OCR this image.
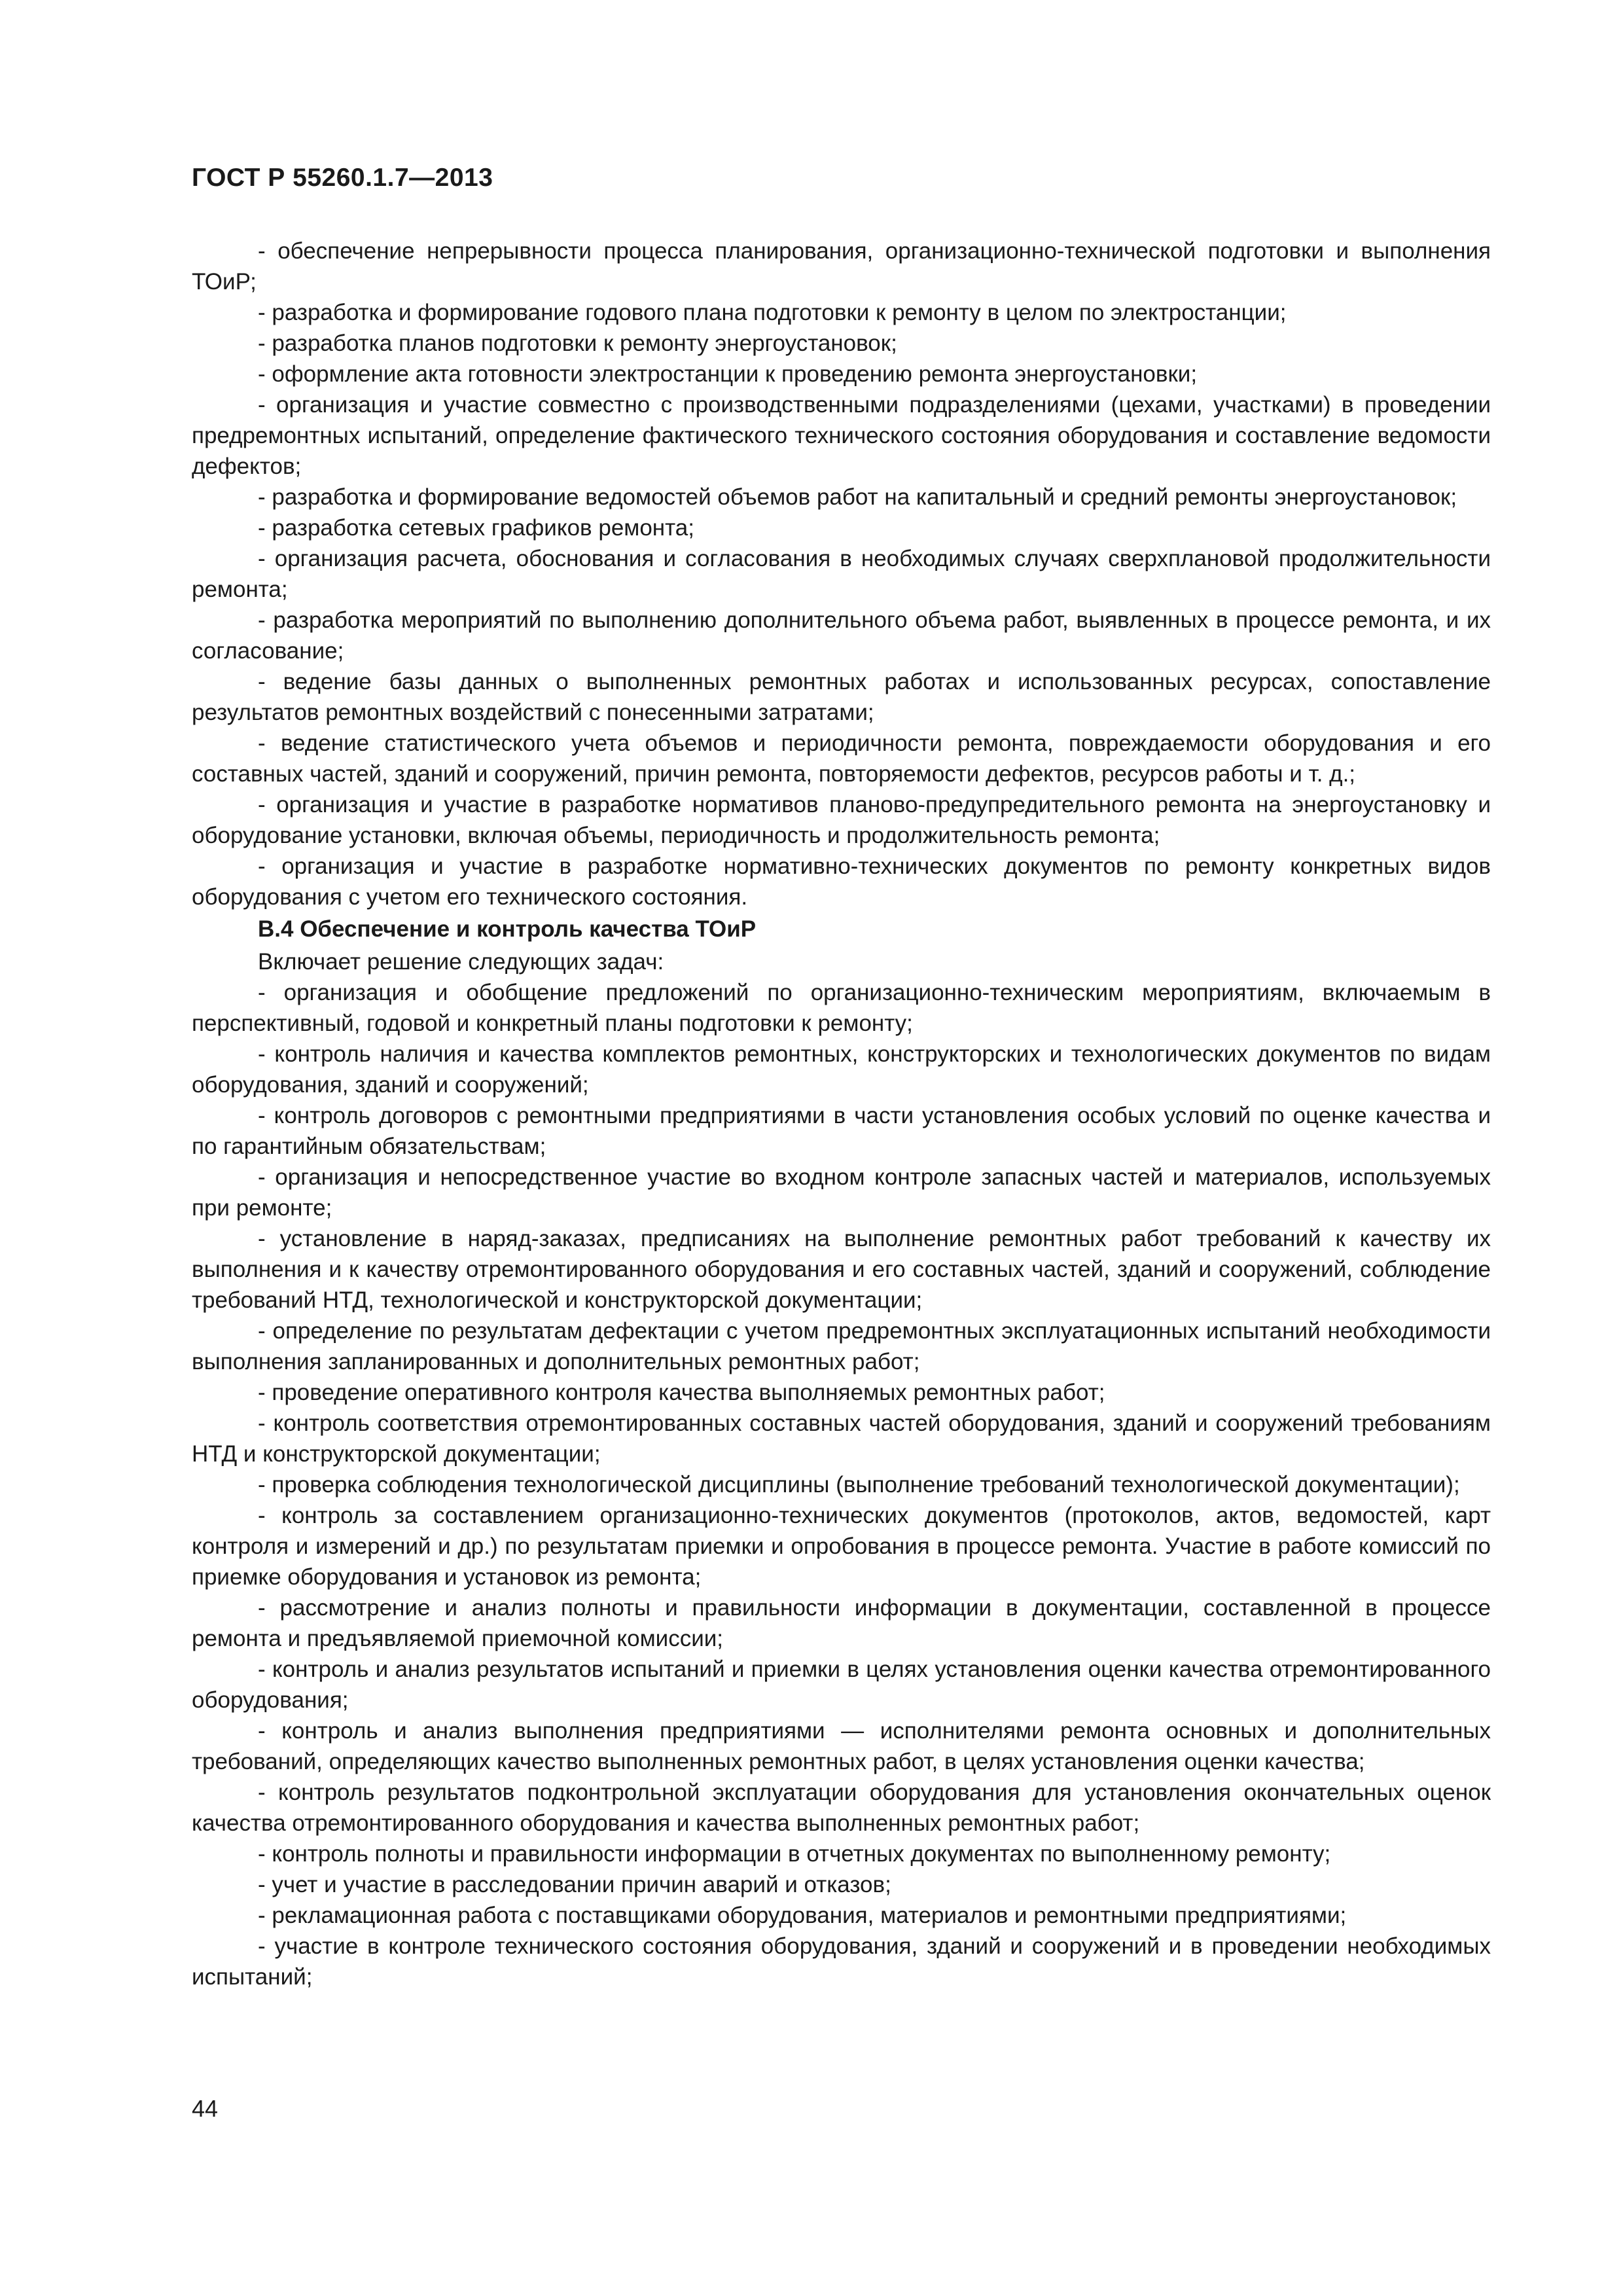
ГОСТ Р 55260.1.7—2013

- обеспечение непрерывности процесса планирования, организационно-технической подготовки и выполнения ТОиР;

- разработка и формирование годового плана подготовки к ремонту в целом по электростанции;

- разработка планов подготовки к ремонту энергоустановок;

- оформление акта готовности электростанции к проведению ремонта энергоустановки;

- организация и участие совместно с производственными подразделениями (цехами, участками) в проведении предремонтных испытаний, определение фактического технического состояния оборудования и составление ведомости дефектов;

- разработка и формирование ведомостей объемов работ на капитальный и средний ремонты энергоустановок;

- разработка сетевых графиков ремонта;

- организация расчета, обоснования и согласования в необходимых случаях сверхплановой продолжительности ремонта;

- разработка мероприятий по выполнению дополнительного объема работ, выявленных в процессе ремонта, и их согласование;

- ведение базы данных о выполненных ремонтных работах и использованных ресурсах, сопоставление результатов ремонтных воздействий с понесенными затратами;

- ведение статистического учета объемов и периодичности ремонта, повреждаемости оборудования и его составных частей, зданий и сооружений, причин ремонта, повторяемости дефектов, ресурсов работы и т. д.;

- организация и участие в разработке нормативов планово-предупредительного ремонта на энергоустановку и оборудование установки, включая объемы, периодичность и продолжительность ремонта;

- организация и участие в разработке нормативно-технических документов по ремонту конкретных видов оборудования с учетом его технического состояния.

В.4 Обеспечение и контроль качества ТОиР

Включает решение следующих задач:

- организация и обобщение предложений по организационно-техническим мероприятиям, включаемым в перспективный, годовой и конкретный планы подготовки к ремонту;

- контроль наличия и качества комплектов ремонтных, конструкторских и технологических документов по видам оборудования, зданий и сооружений;

- контроль договоров с ремонтными предприятиями в части установления особых условий по оценке качества и по гарантийным обязательствам;

- организация и непосредственное участие во входном контроле запасных частей и материалов, используемых при ремонте;

- установление в наряд-заказах, предписаниях на выполнение ремонтных работ требований к качеству их выполнения и к качеству отремонтированного оборудования и его составных частей, зданий и сооружений, соблюдение требований НТД, технологической и конструкторской документации;

- определение по результатам дефектации с учетом предремонтных эксплуатационных испытаний необходимости выполнения запланированных и дополнительных ремонтных работ;

- проведение оперативного контроля качества выполняемых ремонтных работ;

- контроль соответствия отремонтированных составных частей оборудования, зданий и сооружений требованиям НТД и конструкторской документации;

- проверка соблюдения технологической дисциплины (выполнение требований технологической документации);

- контроль за составлением организационно-технических документов (протоколов, актов, ведомостей, карт контроля и измерений и др.) по результатам приемки и опробования в процессе ремонта. Участие в работе комиссий по приемке оборудования и установок из ремонта;

- рассмотрение и анализ полноты и правильности информации в документации, составленной в процессе ремонта и предъявляемой приемочной комиссии;

- контроль и анализ результатов испытаний и приемки в целях установления оценки качества отремонтированного оборудования;

- контроль и анализ выполнения предприятиями — исполнителями ремонта основных и дополнительных требований, определяющих качество выполненных ремонтных работ, в целях установления оценки качества;

- контроль результатов подконтрольной эксплуатации оборудования для установления окончательных оценок качества отремонтированного оборудования и качества выполненных ремонтных работ;

- контроль полноты и правильности информации в отчетных документах по выполненному ремонту;

- учет и участие в расследовании причин аварий и отказов;

- рекламационная работа с поставщиками оборудования, материалов и ремонтными предприятиями;

- участие в контроле технического состояния оборудования, зданий и сооружений и в проведении необходимых испытаний;

44
